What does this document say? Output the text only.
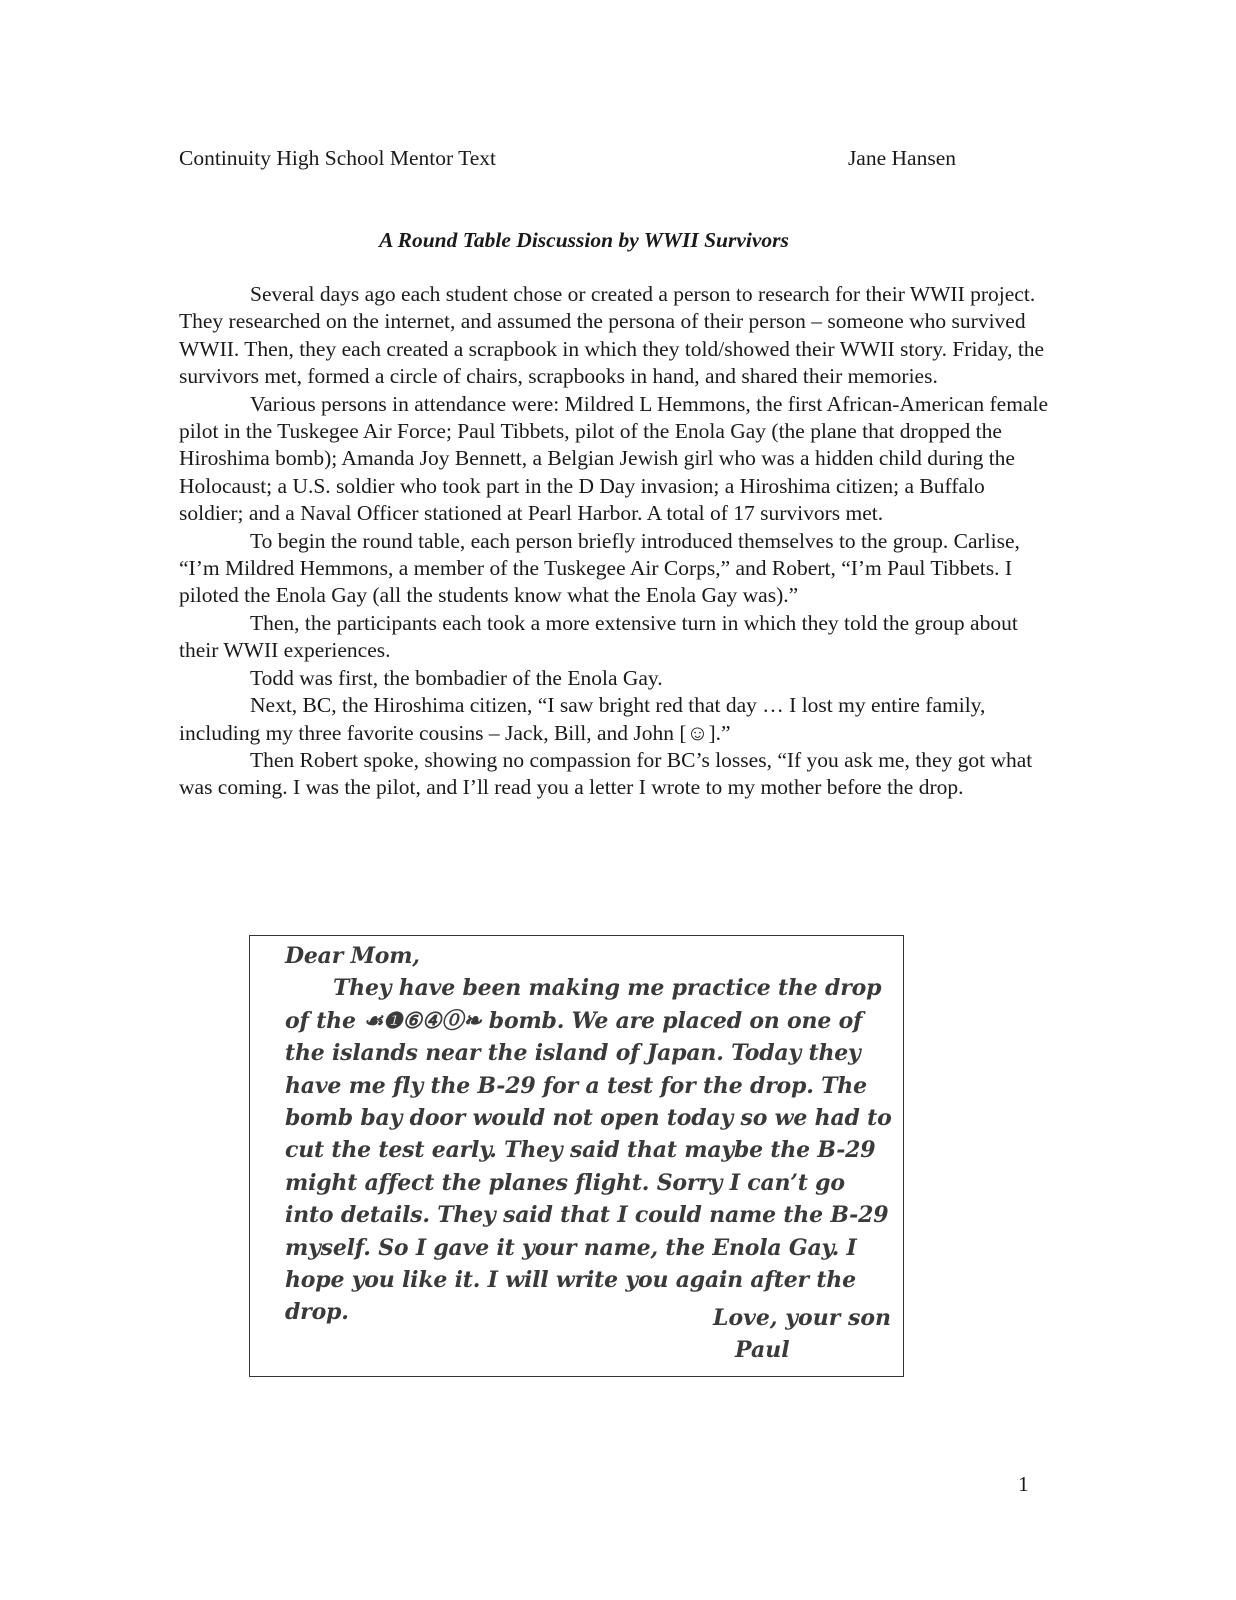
Continuity High School Mentor Text	Jane Hansen
A Round Table Discussion by WWII Survivors

Several days ago each student chose or created a person to research for their WWII project. They researched on the internet, and assumed the persona of their person – someone who survived WWII. Then, they each created a scrapbook in which they told/showed their WWII story. Friday, the survivors met, formed a circle of chairs, scrapbooks in hand, and shared their memories.

Various persons in attendance were: Mildred L Hemmons, the first African-American female pilot in the Tuskegee Air Force; Paul Tibbets, pilot of the Enola Gay (the plane that dropped the Hiroshima bomb); Amanda Joy Bennett, a Belgian Jewish girl who was a hidden child during the Holocaust; a U.S. soldier who took part in the D Day invasion; a Hiroshima citizen; a Buffalo soldier; and a Naval Officer stationed at Pearl Harbor. A total of 17 survivors met.

To begin the round table, each person briefly introduced themselves to the group. Carlise, “I’m Mildred Hemmons, a member of the Tuskegee Air Corps,” and Robert, “I’m Paul Tibbets. I piloted the Enola Gay (all the students know what the Enola Gay was).”

Then, the participants each took a more extensive turn in which they told the group about their WWII experiences.

Todd was first, the bombadier of the Enola Gay.

Next, BC, the Hiroshima citizen, “I saw bright red that day … I lost my entire family, including my three favorite cousins – Jack, Bill, and John [☺].”

Then Robert spoke, showing no compassion for BC’s losses, “If you ask me, they got what was coming. I was the pilot, and I’ll read you a letter I wrote to my mother before the drop.

Dear Mom,

They have been making me practice the drop of the ☙❶⑥④⓪❧ bomb. We are placed on one of the islands near the island of Japan. Today they have me fly the B-29 for a test for the drop. The bomb bay door would not open today so we had to cut the test early. They said that maybe the B-29 might affect the planes flight. Sorry I can’t go into details. They said that I could name the B-29 myself. So I gave it your name, the Enola Gay. I hope you like it. I will write you again after the drop.	Love, your son
Paul
1
